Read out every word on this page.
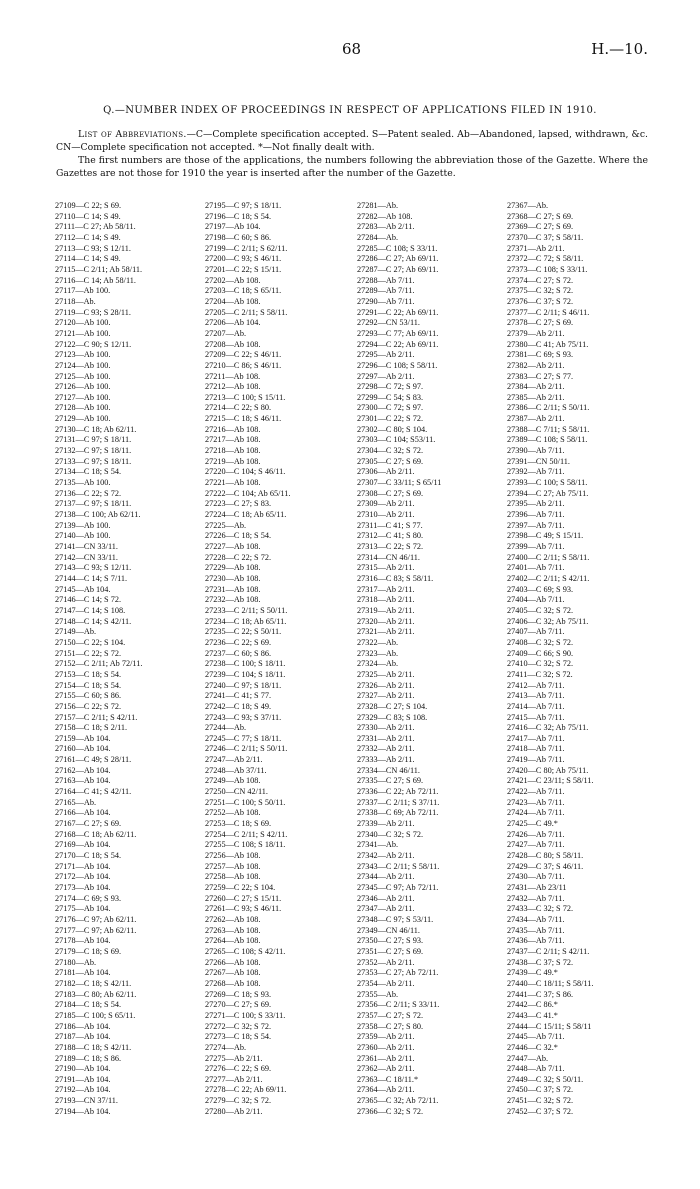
68	H.—10.
Q.—NUMBER INDEX OF PROCEEDINGS IN RESPECT OF APPLICATIONS FILED IN 1910.

List of Abbreviations.—C—Complete specification accepted. S—Patent sealed. Ab—Abandoned, lapsed, withdrawn, &c. CN—Complete specification not accepted. *—Not finally dealt with.

The first numbers are those of the applications, the numbers following the abbreviation those of the Gazette. Where the Gazettes are not those for 1910 the year is inserted after the number of the Gazette.

27109—C 22; S 69.
27110—C 14; S 49.
27111—C 27; Ab 58/11.
27112—C 14; S 49.
27113—C 93; S 12/11.
27114—C 14; S 49.
27115—C 2/11; Ab 58/11.
27116—C 14; Ab 58/11.
27117—Ab 100.
27118—Ab.
27119—C 93; S 28/11.
27120—Ab 100.
27121—Ab 100.
27122—C 90; S 12/11.
27123—Ab 100.
27124—Ab 100.
27125—Ab 100.
27126—Ab 100.
27127—Ab 100.
27128—Ab 100.
27129—Ab 100.
27130—C 18; Ab 62/11.
27131—C 97; S 18/11.
27132—C 97; S 18/11.
27133—C 97; S 18/11.
27134—C 18; S 54.
27135—Ab 100.
27136—C 22; S 72.
27137—C 97; S 18/11.
27138—C 100; Ab 62/11.
27139—Ab 100.
27140—Ab 100.
27141—CN 33/11.
27142—CN 33/11.
27143—C 93; S 12/11.
27144—C 14; S 7/11.
27145—Ab 104.
27146—C 14; S 72.
27147—C 14; S 108.
27148—C 14; S 42/11.
27149—Ab.
27150—C 22; S 104.
27151—C 22; S 72.
27152—C 2/11; Ab 72/11.
27153—C 18; S 54.
27154—C 18; S 54.
27155—C 60; S 86.
27156—C 22; S 72.
27157—C 2/11; S 42/11.
27158—C 18; S 2/11.
27159—Ab 104.
27160—Ab 104.
27161—C 49; S 28/11.
27162—Ab 104.
27163—Ab 104.
27164—C 41; S 42/11.
27165—Ab.
27166—Ab 104.
27167—C 27; S 69.
27168—C 18; Ab 62/11.
27169—Ab 104.
27170—C 18; S 54.
27171—Ab 104.
27172—Ab 104.
27173—Ab 104.
27174—C 69; S 93.
27175—Ab 104.
27176—C 97; Ab 62/11.
27177—C 97; Ab 62/11.
27178—Ab 104.
27179—C 18; S 69.
27180—Ab.
27181—Ab 104.
27182—C 18; S 42/11.
27183—C 80; Ab 62/11.
27184—C 18; S 54.
27185—C 100; S 65/11.
27186—Ab 104.
27187—Ab 104.
27188—C 18; S 42/11.
27189—C 18; S 86.
27190—Ab 104.
27191—Ab 104.
27192—Ab 104.
27193—CN 37/11.
27194—Ab 104.
27195—C 97; S 18/11.
27196—C 18; S 54.
27197—Ab 104.
27198—C 60; S 86.
27199—C 2/11; S 62/11.
27200—C 93; S 46/11.
27201—C 22; S 15/11.
27202—Ab 108.
27203—C 18; S 65/11.
27204—Ab 108.
27205—C 2/11; S 58/11.
27206—Ab 104.
27207—Ab.
27208—Ab 108.
27209—C 22; S 46/11.
27210—C 86; S 46/11.
27211—Ab 108.
27212—Ab 108.
27213—C 100; S 15/11.
27214—C 22; S 80.
27215—C 18; S 46/11.
27216—Ab 108.
27217—Ab 108.
27218—Ab 108.
27219—Ab 108.
27220—C 104; S 46/11.
27221—Ab 108.
27222—C 104; Ab 65/11.
27223—C 27; S 83.
27224—C 18; Ab 65/11.
27225—Ab.
27226—C 18; S 54.
27227—Ab 108.
27228—C 22; S 72.
27229—Ab 108.
27230—Ab 108.
27231—Ab 108.
27232—Ab 108.
27233—C 2/11; S 50/11.
27234—C 18; Ab 65/11.
27235—C 22; S 50/11.
27236—C 22; S 69.
27237—C 60; S 86.
27238—C 100; S 18/11.
27239—C 104; S 18/11.
27240—C 97; S 18/11.
27241—C 41; S 77.
27242—C 18; S 49.
27243—C 93; S 37/11.
27244—Ab.
27245—C 77; S 18/11.
27246—C 2/11; S 50/11.
27247—Ab 2/11.
27248—Ab 37/11.
27249—Ab 108.
27250—CN 42/11.
27251—C 100; S 50/11.
27252—Ab 108.
27253—C 18; S 69.
27254—C 2/11; S 42/11.
27255—C 108; S 18/11.
27256—Ab 108.
27257—Ab 108.
27258—Ab 108.
27259—C 22; S 104.
27260—C 27; S 15/11.
27261—C 93; S 46/11.
27262—Ab 108.
27263—Ab 108.
27264—Ab 108.
27265—C 108; S 42/11.
27266—Ab 108.
27267—Ab 108.
27268—Ab 108.
27269—C 18; S 93.
27270—C 27; S 69.
27271—C 100; S 33/11.
27272—C 32; S 72.
27273—C 18; S 54.
27274—Ab.
27275—Ab 2/11.
27276—C 22; S 69.
27277—Ab 2/11.
27278—C 22; Ab 69/11.
27279—C 32; S 72.
27280—Ab 2/11.
27281—Ab.
27282—Ab 108.
27283—Ab 2/11.
27284—Ab.
27285—C 108; S 33/11.
27286—C 27; Ab 69/11.
27287—C 27; Ab 69/11.
27288—Ab 7/11.
27289—Ab 7/11.
27290—Ab 7/11.
27291—C 22; Ab 69/11.
27292—CN 53/11.
27293—C 77; Ab 69/11.
27294—C 22; Ab 69/11.
27295—Ab 2/11.
27296—C 108; S 58/11.
27297—Ab 2/11.
27298—C 72; S 97.
27299—C 54; S 83.
27300—C 72; S 97.
27301—C 22; S 72.
27302—C 80; S 104.
27303—C 104; S53/11.
27304—C 32; S 72.
27305—C 27; S 69.
27306—Ab 2/11.
27307—C 33/11; S 65/11
27308—C 27; S 69.
27309—Ab 2/11.
27310—Ab 2/11.
27311—C 41; S 77.
27312—C 41; S 80.
27313—C 22; S 72.
27314—CN 46/11.
27315—Ab 2/11.
27316—C 83; S 58/11.
27317—Ab 2/11.
27318—Ab 2/11.
27319—Ab 2/11.
27320—Ab 2/11.
27321—Ab 2/11.
27322—Ab.
27323—Ab.
27324—Ab.
27325—Ab 2/11.
27326—Ab 2/11.
27327—Ab 2/11.
27328—C 27; S 104.
27329—C 83; S 108.
27330—Ab 2/11.
27331—Ab 2/11.
27332—Ab 2/11.
27333—Ab 2/11.
27334—CN 46/11.
27335—C 27; S 69.
27336—C 22; Ab 72/11.
27337—C 2/11; S 37/11.
27338—C 69; Ab 72/11.
27339—Ab 2/11.
27340—C 32; S 72.
27341—Ab.
27342—Ab 2/11.
27343—C 2/11; S 58/11.
27344—Ab 2/11.
27345—C 97; Ab 72/11.
27346—Ab 2/11.
27347—Ab 2/11.
27348—C 97; S 53/11.
27349—CN 46/11.
27350—C 27; S 93.
27351—C 27; S 69.
27352—Ab 2/11.
27353—C 27; Ab 72/11.
27354—Ab 2/11.
27355—Ab.
27356—C 2/11; S 33/11.
27357—C 27; S 72.
27358—C 27; S 80.
27359—Ab 2/11.
27360—Ab 2/11.
27361—Ab 2/11.
27362—Ab 2/11.
27363—C 18/11.*
27364—Ab 2/11.
27365—C 32; Ab 72/11.
27366—C 32; S 72.
27367—Ab.
27368—C 27; S 69.
27369—C 27; S 69.
27370—C 37; S 58/11.
27371—Ab 2/11.
27372—C 72; S 58/11.
27373—C 108; S 33/11.
27374—C 27; S 72.
27375—C 32; S 72.
27376—C 37; S 72.
27377—C 2/11; S 46/11.
27378—C 27; S 69.
27379—Ab 2/11.
27380—C 41; Ab 75/11.
27381—C 69; S 93.
27382—Ab 2/11.
27383—C 27; S 77.
27384—Ab 2/11.
27385—Ab 2/11.
27386—C 2/11; S 50/11.
27387—Ab 2/11.
27388—C 7/11; S 58/11.
27389—C 108; S 58/11.
27390—Ab 7/11.
27391—CN 50/11.
27392—Ab 7/11.
27393—C 100; S 58/11.
27394—C 27; Ab 75/11.
27395—Ab 2/11.
27396—Ab 7/11.
27397—Ab 7/11.
27398—C 49; S 15/11.
27399—Ab 7/11.
27400—C 2/11; S 58/11.
27401—Ab 7/11.
27402—C 2/11; S 42/11.
27403—C 69; S 93.
27404—Ab 7/11.
27405—C 32; S 72.
27406—C 32; Ab 75/11.
27407—Ab 7/11.
27408—C 32; S 72.
27409—C 66; S 90.
27410—C 32; S 72.
27411—C 32; S 72.
27412—Ab 7/11.
27413—Ab 7/11.
27414—Ab 7/11.
27415—Ab 7/11.
27416—C 32; Ab 75/11.
27417—Ab 7/11.
27418—Ab 7/11.
27419—Ab 7/11.
27420—C 80; Ab 75/11.
27421—C 23/11; S 58/11.
27422—Ab 7/11.
27423—Ab 7/11.
27424—Ab 7/11.
27425—C 49.*
27426—Ab 7/11.
27427—Ab 7/11.
27428—C 80; S 58/11.
27429—C 37; S 46/11.
27430—Ab 7/11.
27431—Ab 23/11
27432—Ab 7/11.
27433—C 32; S 72.
27434—Ab 7/11.
27435—Ab 7/11.
27436—Ab 7/11.
27437—C 2/11; S 42/11.
27438—C 37; S 72.
27439—C 49.*
27440—C 18/11; S 58/11.
27441—C 37; S 86.
27442—C 86.*
27443—C 41.*
27444—C 15/11; S 58/11
27445—Ab 7/11.
27446—C 32.*
27447—Ab.
27448—Ab 7/11.
27449—C 32; S 50/11.
27450—C 37; S 72.
27451—C 32; S 72.
27452—C 37; S 72.
